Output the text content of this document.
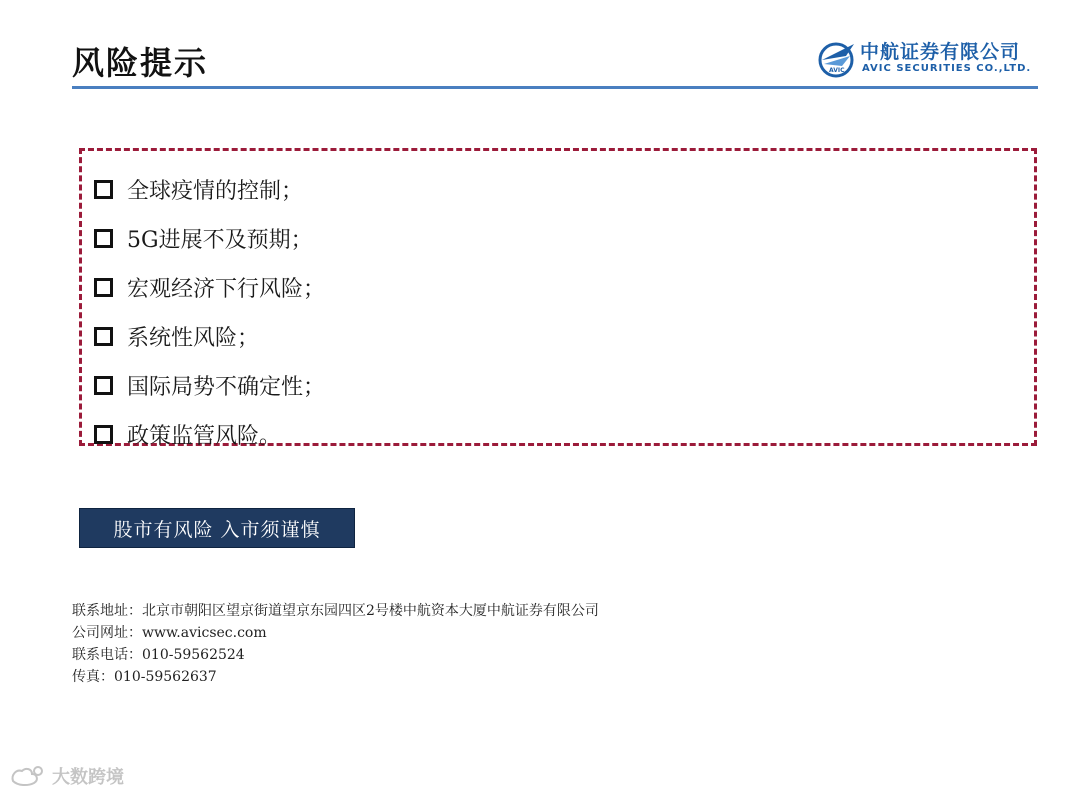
风险提示	AVIC
中航证券有限公司
AVIC SECURITIES CO.,LTD.
全球疫情的控制；
5G进展不及预期；
宏观经济下行风险；
系统性风险；
国际局势不确定性；
政策监管风险。
股市有风险 入市须谨慎
联系地址：北京市朝阳区望京街道望京东园四区2号楼中航资本大厦中航证券有限公司
公司网址：www.avicsec.com
联系电话：010-59562524
传真：010-59562637
大数跨境
